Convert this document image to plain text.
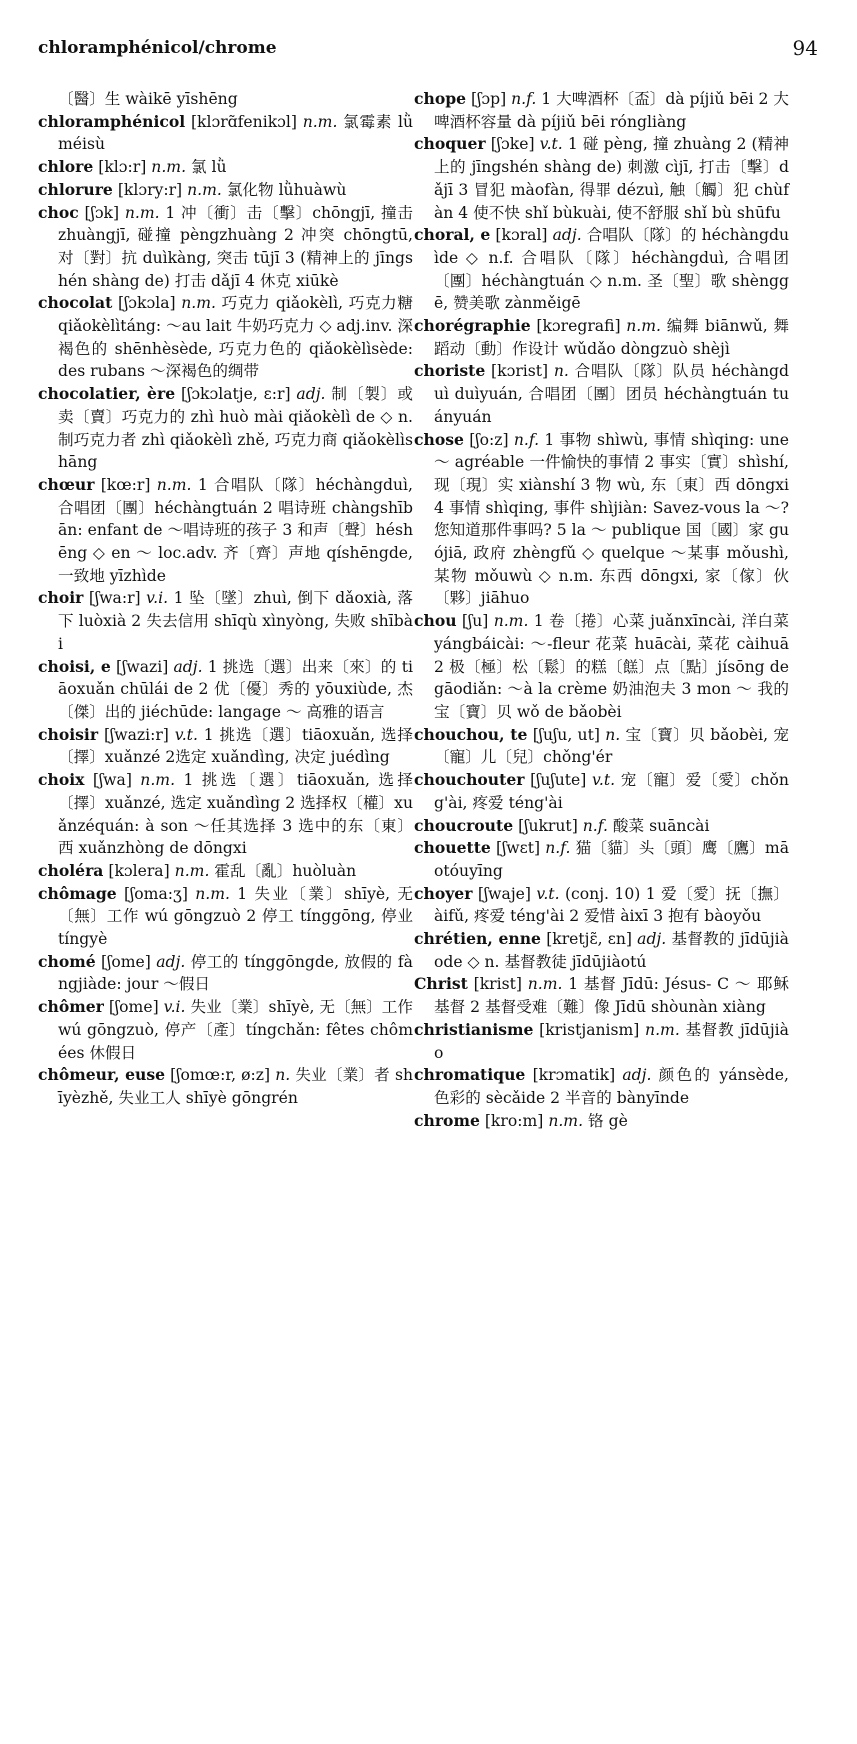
chloramphénicol/chrome	94
〔醫〕生 wàikē yīshēng
chloramphénicol [klɔrɑ̃fenikɔl] n.m. 氯霉素 lǜméisù
chlore [klɔ:r] n.m. 氯 lǜ
chlorure [klɔry:r] n.m. 氯化物 lǜhuàwù
choc [ʃɔk] n.m. 1 冲〔衝〕击〔擊〕chōngjī, 撞击 zhuàngjī, 碰撞 pèngzhuàng 2 冲突 chōngtū, 对〔對〕抗 duìkàng, 突击 tūjī 3 (精神上的 jīngshén shàng de) 打击 dǎjī 4 休克 xiūkè
chocolat [ʃɔkɔla] n.m. 巧克力 qiǎokèlì, 巧克力糖 qiǎokèlìtáng: ～au lait 牛奶巧克力 ◇ adj.inv. 深褐色的 shēnhèsède, 巧克力色的 qiǎokèlìsède: des rubans ～深褐色的绸带
chocolatier, ère [ʃɔkɔlatje, ɛ:r] adj. 制〔製〕或卖〔賣〕巧克力的 zhì huò mài qiǎokèlì de ◇ n. 制巧克力者 zhì qiǎokèlì zhě, 巧克力商 qiǎokèlìshāng
chœur [kœ:r] n.m. 1 合唱队〔隊〕héchàngduì, 合唱团〔團〕héchàngtuán 2 唱诗班 chàngshībān: enfant de ～唱诗班的孩子 3 和声〔聲〕héshēng ◇ en ～ loc.adv. 齐〔齊〕声地 qíshēngde, 一致地 yīzhìde
choir [ʃwa:r] v.i. 1 坠〔墜〕zhuì, 倒下 dǎoxià, 落下 luòxià 2 失去信用 shīqù xìnyòng, 失败 shībài
choisi, e [ʃwazi] adj. 1 挑选〔選〕出来〔來〕的 tiāoxuǎn chūlái de 2 优〔優〕秀的 yōuxiùde, 杰〔傑〕出的 jiéchūde: langage ～ 高雅的语言
choisir [ʃwazi:r] v.t. 1 挑选〔選〕tiāoxuǎn, 选择〔擇〕xuǎnzé 2选定 xuǎndìng, 决定 juédìng
choix [ʃwa] n.m. 1 挑选〔選〕tiāoxuǎn, 选择〔擇〕xuǎnzé, 选定 xuǎndìng 2 选择权〔權〕xuǎnzéquán: à son ～任其选择 3 选中的东〔東〕西 xuǎnzhòng de dōngxi
choléra [kɔlera] n.m. 霍乱〔亂〕huòluàn
chômage [ʃoma:ʒ] n.m. 1 失业〔業〕shīyè, 无〔無〕工作 wú gōngzuò 2 停工 tínggōng, 停业 tíngyè
chomé [ʃome] adj. 停工的 tínggōngde, 放假的 fàngjiàde: jour ～假日
chômer [ʃome] v.i. 失业〔業〕shīyè, 无〔無〕工作 wú gōngzuò, 停产〔產〕tíngchǎn: fêtes chômées 休假日
chômeur, euse [ʃomœ:r, ø:z] n. 失业〔業〕者 shīyèzhě, 失业工人 shīyè gōngrén
chope [ʃɔp] n.f. 1 大啤酒杯〔盃〕dà píjiǔ bēi 2 大啤酒杯容量 dà píjiǔ bēi róngliàng
choquer [ʃɔke] v.t. 1 碰 pèng, 撞 zhuàng 2 (精神上的 jīngshén shàng de) 刺激 cìjī, 打击〔擊〕dǎjī 3 冒犯 màofàn, 得罪 dézuì, 触〔觸〕犯 chùfàn 4 使不快 shǐ bùkuài, 使不舒服 shǐ bù shūfu
choral, e [kɔral] adj. 合唱队〔隊〕的 héchàngduìde ◇ n.f. 合唱队〔隊〕héchàngduì, 合唱团〔團〕héchàngtuán ◇ n.m. 圣〔聖〕歌 shènggē, 赞美歌 zànměigē
chorégraphie [kɔregrafi] n.m. 编舞 biānwǔ, 舞蹈动〔動〕作设计 wǔdǎo dòngzuò shèjì
choriste [kɔrist] n. 合唱队〔隊〕队员 héchàngduì duìyuán, 合唱团〔團〕团员 héchàngtuán tuányuán
chose [ʃo:z] n.f. 1 事物 shìwù, 事情 shìqing: une ～ agréable 一件愉快的事情 2 事实〔實〕shìshí, 现〔現〕实 xiànshí 3 物 wù, 东〔東〕西 dōngxi 4 事情 shìqing, 事件 shìjiàn: Savez-vous la ～? 您知道那件事吗? 5 la ～ publique 国〔國〕家 guójiā, 政府 zhèngfǔ ◇ quelque ～某事 mǒushì, 某物 mǒuwù ◇ n.m. 东西 dōngxi, 家〔傢〕伙〔夥〕jiāhuo
chou [ʃu] n.m. 1 卷〔捲〕心菜 juǎnxīncài, 洋白菜 yángbáicài: ～-fleur 花菜 huācài, 菜花 càihuā 2 极〔極〕松〔鬆〕的糕〔餻〕点〔點〕jísōng de gāodiǎn: ～à la crème 奶油泡夫 3 mon ～ 我的宝〔寶〕贝 wǒ de bǎobèi
chouchou, te [ʃuʃu, ut] n. 宝〔寶〕贝 bǎobèi, 宠〔寵〕儿〔兒〕chǒng'ér
chouchouter [ʃuʃute] v.t. 宠〔寵〕爱〔愛〕chǒng'ài, 疼爱 téng'ài
choucroute [ʃukrut] n.f. 酸菜 suāncài
chouette [ʃwɛt] n.f. 猫〔貓〕头〔頭〕鹰〔鷹〕māotóuyīng
choyer [ʃwaje] v.t. (conj. 10) 1 爱〔愛〕抚〔撫〕àifǔ, 疼爱 téng'ài 2 爱惜 àixī 3 抱有 bàoyǒu
chrétien, enne [kretjɛ̃, ɛn] adj. 基督教的 jīdūjiàode ◇ n. 基督教徒 jīdūjiàotú
Christ [krist] n.m. 1 基督 Jīdū: Jésus- C ～ 耶稣基督 2 基督受难〔難〕像 Jīdū shòunàn xiàng
christianisme [kristjanism] n.m. 基督教 jīdūjiào
chromatique [krɔmatik] adj. 颜色的 yánsède, 色彩的 sècǎide 2 半音的 bànyīnde
chrome [kro:m] n.m. 铬 gè
